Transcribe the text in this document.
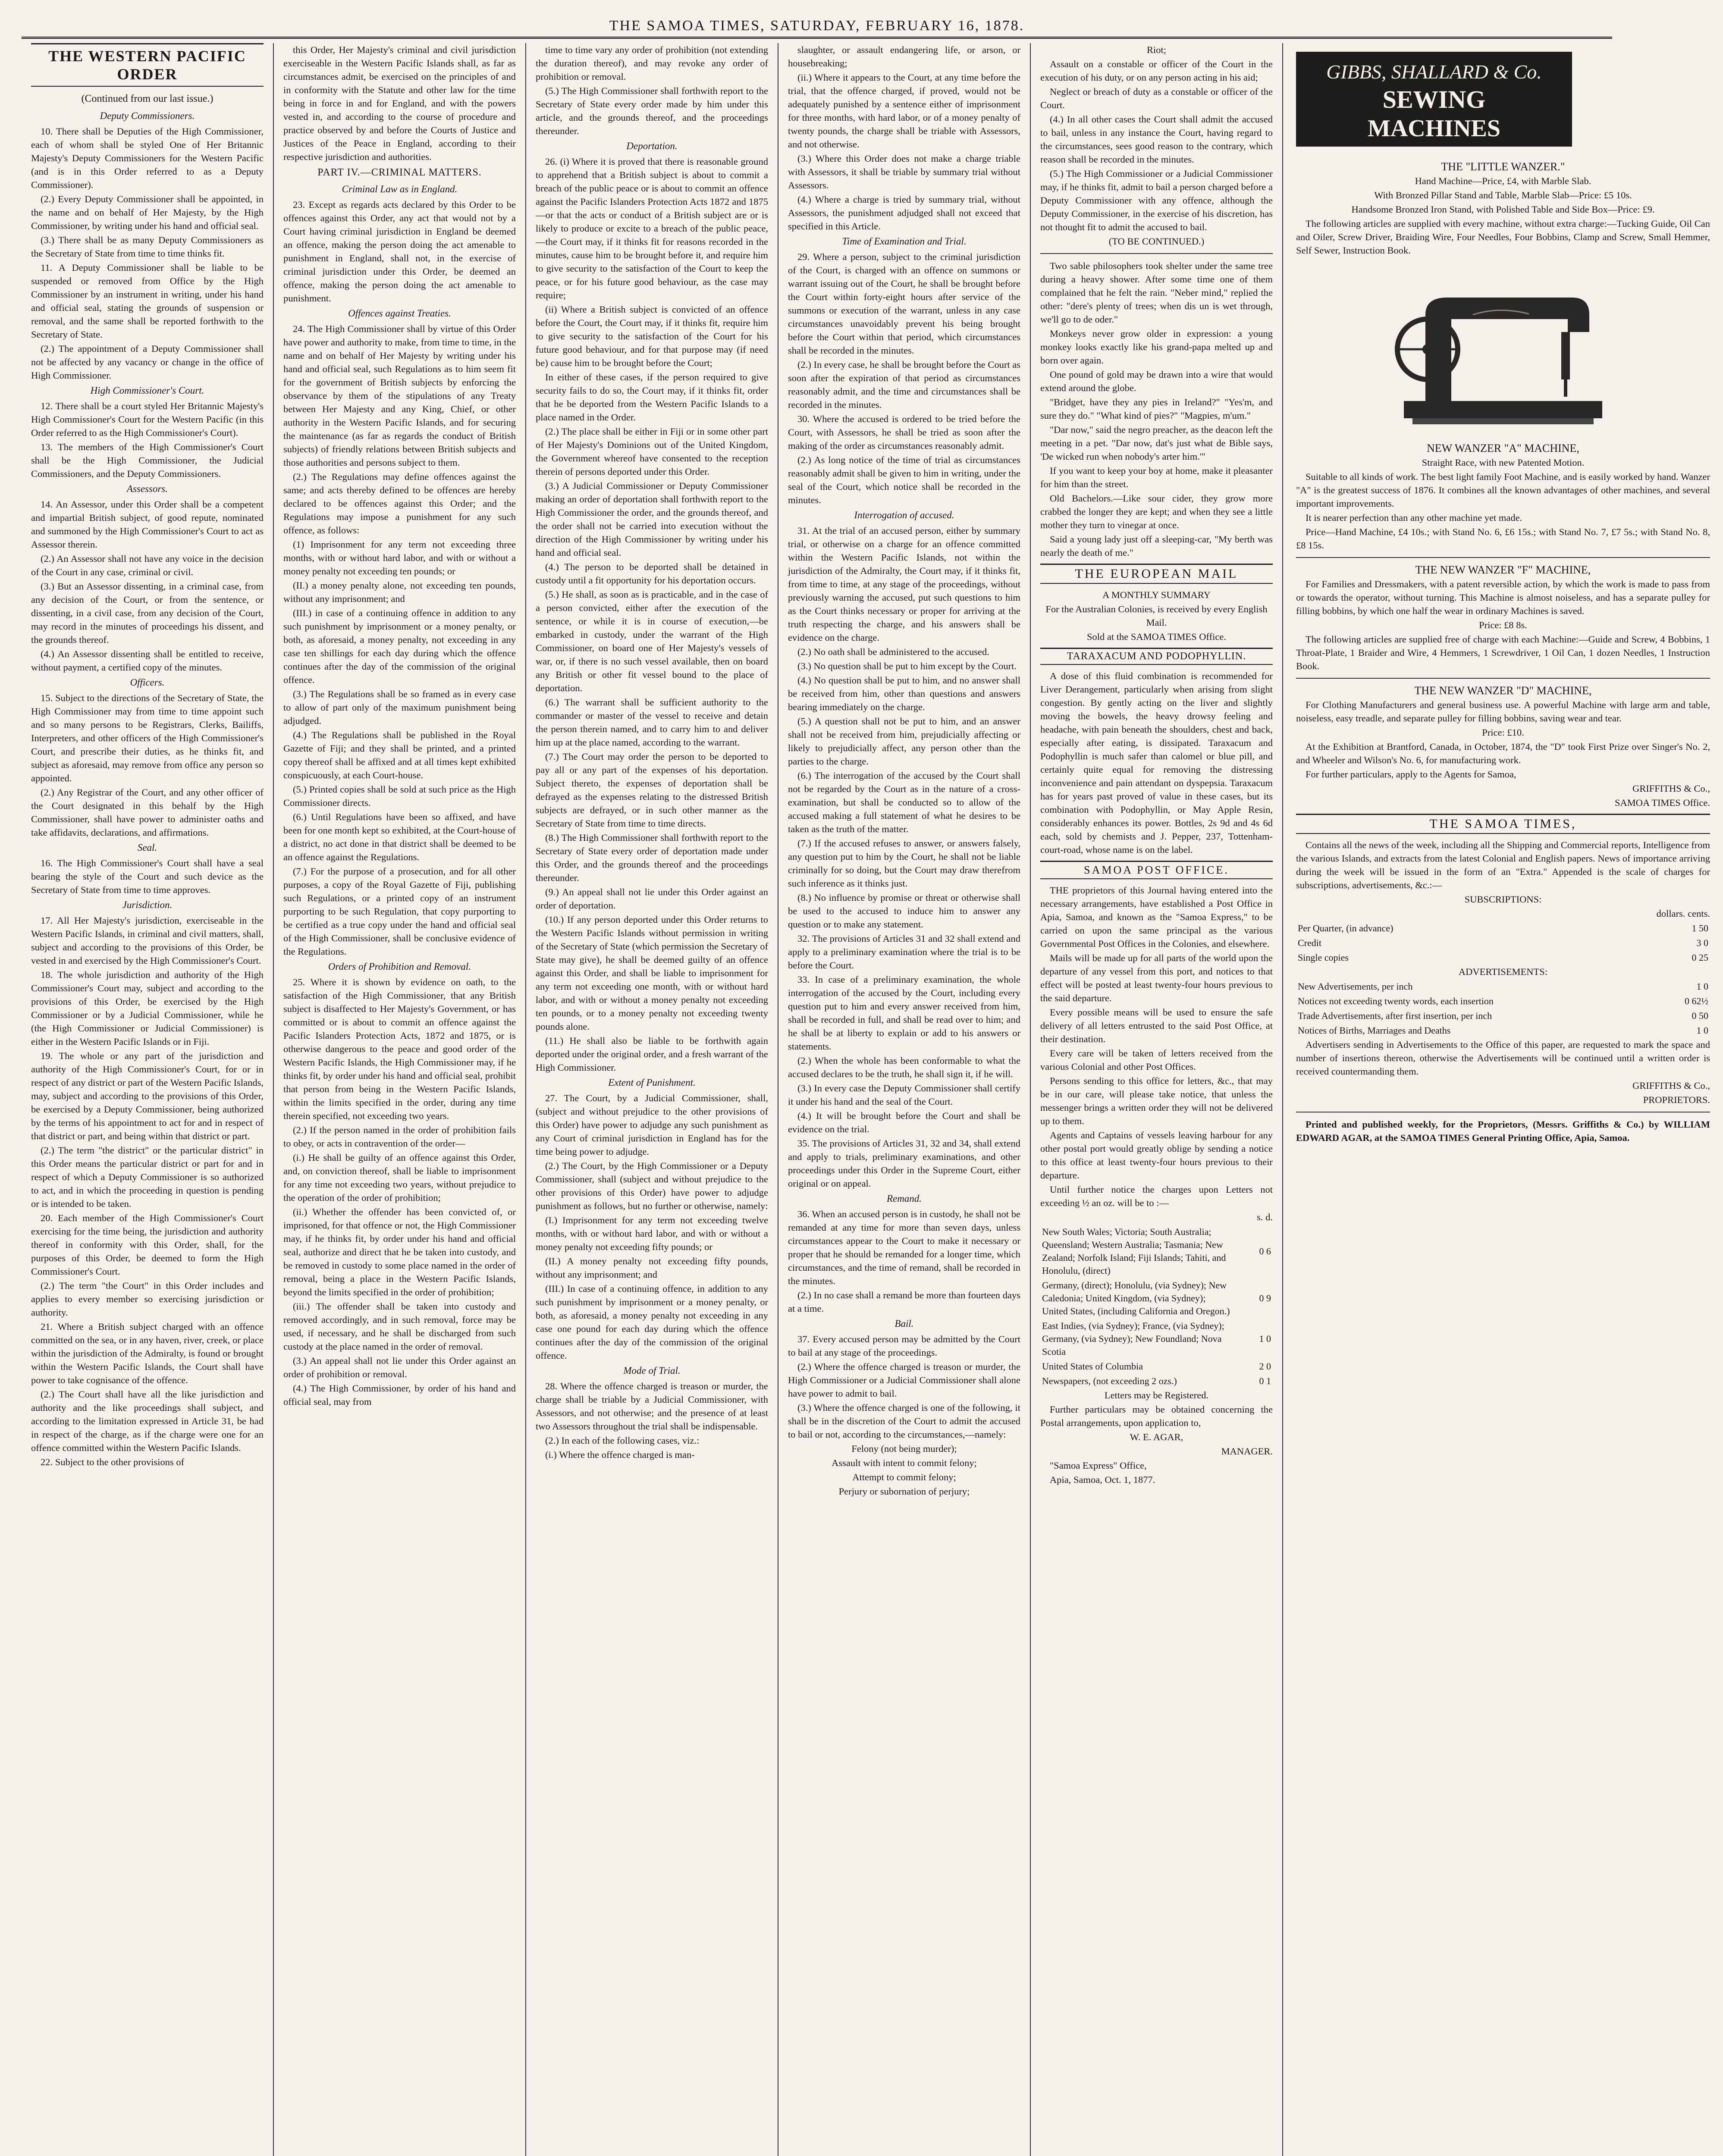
THE SAMOA TIMES, SATURDAY, FEBRUARY 16, 1878.
THE WESTERN PACIFIC ORDER

(Continued from our last issue.)

Deputy Commissioners.

10. There shall be Deputies of the High Commissioner, each of whom shall be styled One of Her Britannic Majesty's Deputy Commissioners for the Western Pacific (and is in this Order referred to as a Deputy Commissioner).

(2.) Every Deputy Commissioner shall be appointed, in the name and on behalf of Her Majesty, by the High Commissioner, by writing under his hand and official seal.

(3.) There shall be as many Deputy Commissioners as the Secretary of State from time to time thinks fit.

11. A Deputy Commissioner shall be liable to be suspended or removed from Office by the High Commissioner by an instrument in writing, under his hand and official seal, stating the grounds of suspension or removal, and the same shall be reported forthwith to the Secretary of State.

(2.) The appointment of a Deputy Commissioner shall not be affected by any vacancy or change in the office of High Commissioner.

High Commissioner's Court.

12. There shall be a court styled Her Britannic Majesty's High Commissioner's Court for the Western Pacific (in this Order referred to as the High Commissioner's Court).

13. The members of the High Commissioner's Court shall be the High Commissioner, the Judicial Commissioners, and the Deputy Commissioners.

Assessors.

14. An Assessor, under this Order shall be a competent and impartial British subject, of good repute, nominated and summoned by the High Commissioner's Court to act as Assessor therein.

(2.) An Assessor shall not have any voice in the decision of the Court in any case, criminal or civil.

(3.) But an Assessor dissenting, in a criminal case, from any decision of the Court, or from the sentence, or dissenting, in a civil case, from any decision of the Court, may record in the minutes of proceedings his dissent, and the grounds thereof.

(4.) An Assessor dissenting shall be entitled to receive, without payment, a certified copy of the minutes.

Officers.

15. Subject to the directions of the Secretary of State, the High Commissioner may from time to time appoint such and so many persons to be Registrars, Clerks, Bailiffs, Interpreters, and other officers of the High Commissioner's Court, and prescribe their duties, as he thinks fit, and subject as aforesaid, may remove from office any person so appointed.

(2.) Any Registrar of the Court, and any other officer of the Court designated in this behalf by the High Commissioner, shall have power to administer oaths and take affidavits, declarations, and affirmations.

Seal.

16. The High Commissioner's Court shall have a seal bearing the style of the Court and such device as the Secretary of State from time to time approves.

Jurisdiction.

17. All Her Majesty's jurisdiction, exerciseable in the Western Pacific Islands, in criminal and civil matters, shall, subject and according to the provisions of this Order, be vested in and exercised by the High Commissioner's Court.

18. The whole jurisdiction and authority of the High Commissioner's Court may, subject and according to the provisions of this Order, be exercised by the High Commissioner or by a Judicial Commissioner, while he (the High Commissioner or Judicial Commissioner) is either in the Western Pacific Islands or in Fiji.

19. The whole or any part of the jurisdiction and authority of the High Commissioner's Court, for or in respect of any district or part of the Western Pacific Islands, may, subject and according to the provisions of this Order, be exercised by a Deputy Commissioner, being authorized by the terms of his appointment to act for and in respect of that district or part, and being within that district or part.

(2.) The term "the district" or the particular district" in this Order means the particular district or part for and in respect of which a Deputy Commissioner is so authorized to act, and in which the proceeding in question is pending or is intended to be taken.

20. Each member of the High Commissioner's Court exercising for the time being, the jurisdiction and authority thereof in conformity with this Order, shall, for the purposes of this Order, be deemed to form the High Commissioner's Court.

(2.) The term "the Court" in this Order includes and applies to every member so exercising jurisdiction or authority.

21. Where a British subject charged with an offence committed on the sea, or in any haven, river, creek, or place within the jurisdiction of the Admiralty, is found or brought within the Western Pacific Islands, the Court shall have power to take cognisance of the offence.

(2.) The Court shall have all the like jurisdiction and authority and the like proceedings shall subject, and according to the limitation expressed in Article 31, be had in respect of the charge, as if the charge were one for an offence committed within the Western Pacific Islands.

22. Subject to the other provisions of

this Order, Her Majesty's criminal and civil jurisdiction exerciseable in the Western Pacific Islands shall, as far as circumstances admit, be exercised on the principles of and in conformity with the Statute and other law for the time being in force in and for England, and with the powers vested in, and according to the course of procedure and practice observed by and before the Courts of Justice and Justices of the Peace in England, according to their respective jurisdiction and authorities.

PART IV.—CRIMINAL MATTERS.

Criminal Law as in England.

23. Except as regards acts declared by this Order to be offences against this Order, any act that would not by a Court having criminal jurisdiction in England be deemed an offence, making the person doing the act amenable to punishment in England, shall not, in the exercise of criminal jurisdiction under this Order, be deemed an offence, making the person doing the act amenable to punishment.

Offences against Treaties.

24. The High Commissioner shall by virtue of this Order have power and authority to make, from time to time, in the name and on behalf of Her Majesty by writing under his hand and official seal, such Regulations as to him seem fit for the government of British subjects by enforcing the observance by them of the stipulations of any Treaty between Her Majesty and any King, Chief, or other authority in the Western Pacific Islands, and for securing the maintenance (as far as regards the conduct of British subjects) of friendly relations between British subjects and those authorities and persons subject to them.

(2.) The Regulations may define offences against the same; and acts thereby defined to be offences are hereby declared to be offences against this Order; and the Regulations may impose a punishment for any such offence, as follows:

(1) Imprisonment for any term not exceeding three months, with or without hard labor, and with or without a money penalty not exceeding ten pounds; or

(II.) a money penalty alone, not exceeding ten pounds, without any imprisonment; and

(III.) in case of a continuing offence in addition to any such punishment by imprisonment or a money penalty, or both, as aforesaid, a money penalty, not exceeding in any case ten shillings for each day during which the offence continues after the day of the commission of the original offence.

(3.) The Regulations shall be so framed as in every case to allow of part only of the maximum punishment being adjudged.

(4.) The Regulations shall be published in the Royal Gazette of Fiji; and they shall be printed, and a printed copy thereof shall be affixed and at all times kept exhibited conspicuously, at each Court-house.

(5.) Printed copies shall be sold at such price as the High Commissioner directs.

(6.) Until Regulations have been so affixed, and have been for one month kept so exhibited, at the Court-house of a district, no act done in that district shall be deemed to be an offence against the Regulations.

(7.) For the purpose of a prosecution, and for all other purposes, a copy of the Royal Gazette of Fiji, publishing such Regulations, or a printed copy of an instrument purporting to be such Regulation, that copy purporting to be certified as a true copy under the hand and official seal of the High Commissioner, shall be conclusive evidence of the Regulations.

Orders of Prohibition and Removal.

25. Where it is shown by evidence on oath, to the satisfaction of the High Commissioner, that any British subject is disaffected to Her Majesty's Government, or has committed or is about to commit an offence against the Pacific Islanders Protection Acts, 1872 and 1875, or is otherwise dangerous to the peace and good order of the Western Pacific Islands, the High Commissioner may, if he thinks fit, by order under his hand and official seal, prohibit that person from being in the Western Pacific Islands, within the limits specified in the order, during any time therein specified, not exceeding two years.

(2.) If the person named in the order of prohibition fails to obey, or acts in contravention of the order—

(i.) He shall be guilty of an offence against this Order, and, on conviction thereof, shall be liable to imprisonment for any time not exceeding two years, without prejudice to the operation of the order of prohibition;

(ii.) Whether the offender has been convicted of, or imprisoned, for that offence or not, the High Commissioner may, if he thinks fit, by order under his hand and official seal, authorize and direct that he be taken into custody, and be removed in custody to some place named in the order of removal, being a place in the Western Pacific Islands, beyond the limits specified in the order of prohibition;

(iii.) The offender shall be taken into custody and removed accordingly, and in such removal, force may be used, if necessary, and he shall be discharged from such custody at the place named in the order of removal.

(3.) An appeal shall not lie under this Order against an order of prohibition or removal.

(4.) The High Commissioner, by order of his hand and official seal, may from

time to time vary any order of prohibition (not extending the duration thereof), and may revoke any order of prohibition or removal.

(5.) The High Commissioner shall forthwith report to the Secretary of State every order made by him under this article, and the grounds thereof, and the proceedings thereunder.

Deportation.

26. (i) Where it is proved that there is reasonable ground to apprehend that a British subject is about to commit a breach of the public peace or is about to commit an offence against the Pacific Islanders Protection Acts 1872 and 1875—or that the acts or conduct of a British subject are or is likely to produce or excite to a breach of the public peace,—the Court may, if it thinks fit for reasons recorded in the minutes, cause him to be brought before it, and require him to give security to the satisfaction of the Court to keep the peace, or for his future good behaviour, as the case may require;

(ii) Where a British subject is convicted of an offence before the Court, the Court may, if it thinks fit, require him to give security to the satisfaction of the Court for his future good behaviour, and for that purpose may (if need be) cause him to be brought before the Court;

In either of these cases, if the person required to give security fails to do so, the Court may, if it thinks fit, order that he be deported from the Western Pacific Islands to a place named in the Order.

(2.) The place shall be either in Fiji or in some other part of Her Majesty's Dominions out of the United Kingdom, the Government whereof have consented to the reception therein of persons deported under this Order.

(3.) A Judicial Commissioner or Deputy Commissioner making an order of deportation shall forthwith report to the High Commissioner the order, and the grounds thereof, and the order shall not be carried into execution without the direction of the High Commissioner by writing under his hand and official seal.

(4.) The person to be deported shall be detained in custody until a fit opportunity for his deportation occurs.

(5.) He shall, as soon as is practicable, and in the case of a person convicted, either after the execution of the sentence, or while it is in course of execution,—be embarked in custody, under the warrant of the High Commissioner, on board one of Her Majesty's vessels of war, or, if there is no such vessel available, then on board any British or other fit vessel bound to the place of deportation.

(6.) The warrant shall be sufficient authority to the commander or master of the vessel to receive and detain the person therein named, and to carry him to and deliver him up at the place named, according to the warrant.

(7.) The Court may order the person to be deported to pay all or any part of the expenses of his deportation. Subject thereto, the expenses of deportation shall be defrayed as the expenses relating to the distressed British subjects are defrayed, or in such other manner as the Secretary of State from time to time directs.

(8.) The High Commissioner shall forthwith report to the Secretary of State every order of deportation made under this Order, and the grounds thereof and the proceedings thereunder.

(9.) An appeal shall not lie under this Order against an order of deportation.

(10.) If any person deported under this Order returns to the Western Pacific Islands without permission in writing of the Secretary of State (which permission the Secretary of State may give), he shall be deemed guilty of an offence against this Order, and shall be liable to imprisonment for any term not exceeding one month, with or without hard labor, and with or without a money penalty not exceeding ten pounds, or to a money penalty not exceeding twenty pounds alone.

(11.) He shall also be liable to be forthwith again deported under the original order, and a fresh warrant of the High Commissioner.

Extent of Punishment.

27. The Court, by a Judicial Commissioner, shall, (subject and without prejudice to the other provisions of this Order) have power to adjudge any such punishment as any Court of criminal jurisdiction in England has for the time being power to adjudge.

(2.) The Court, by the High Commissioner or a Deputy Commissioner, shall (subject and without prejudice to the other provisions of this Order) have power to adjudge punishment as follows, but no further or otherwise, namely:

(I.) Imprisonment for any term not exceeding twelve months, with or without hard labor, and with or without a money penalty not exceeding fifty pounds; or

(II.) A money penalty not exceeding fifty pounds, without any imprisonment; and

(III.) In case of a continuing offence, in addition to any such punishment by imprisonment or a money penalty, or both, as aforesaid, a money penalty not exceeding in any case one pound for each day during which the offence continues after the day of the commission of the original offence.

Mode of Trial.

28. Where the offence charged is treason or murder, the charge shall be triable by a Judicial Commissioner, with Assessors, and not otherwise; and the presence of at least two Assessors throughout the trial shall be indispensable.

(2.) In each of the following cases, viz.:

(i.) Where the offence charged is man-

slaughter, or assault endangering life, or arson, or housebreaking;

(ii.) Where it appears to the Court, at any time before the trial, that the offence charged, if proved, would not be adequately punished by a sentence either of imprisonment for three months, with hard labor, or of a money penalty of twenty pounds, the charge shall be triable with Assessors, and not otherwise.

(3.) Where this Order does not make a charge triable with Assessors, it shall be triable by summary trial without Assessors.

(4.) Where a charge is tried by summary trial, without Assessors, the punishment adjudged shall not exceed that specified in this Article.

Time of Examination and Trial.

29. Where a person, subject to the criminal jurisdiction of the Court, is charged with an offence on summons or warrant issuing out of the Court, he shall be brought before the Court within forty-eight hours after service of the summons or execution of the warrant, unless in any case circumstances unavoidably prevent his being brought before the Court within that period, which circumstances shall be recorded in the minutes.

(2.) In every case, he shall be brought before the Court as soon after the expiration of that period as circumstances reasonably admit, and the time and circumstances shall be recorded in the minutes.

30. Where the accused is ordered to be tried before the Court, with Assessors, he shall be tried as soon after the making of the order as circumstances reasonably admit.

(2.) As long notice of the time of trial as circumstances reasonably admit shall be given to him in writing, under the seal of the Court, which notice shall be recorded in the minutes.

Interrogation of accused.

31. At the trial of an accused person, either by summary trial, or otherwise on a charge for an offence committed within the Western Pacific Islands, not within the jurisdiction of the Admiralty, the Court may, if it thinks fit, from time to time, at any stage of the proceedings, without previously warning the accused, put such questions to him as the Court thinks necessary or proper for arriving at the truth respecting the charge, and his answers shall be evidence on the charge.

(2.) No oath shall be administered to the accused.

(3.) No question shall be put to him except by the Court.

(4.) No question shall be put to him, and no answer shall be received from him, other than questions and answers bearing immediately on the charge.

(5.) A question shall not be put to him, and an answer shall not be received from him, prejudicially affecting or likely to prejudicially affect, any person other than the parties to the charge.

(6.) The interrogation of the accused by the Court shall not be regarded by the Court as in the nature of a cross-examination, but shall be conducted so to allow of the accused making a full statement of what he desires to be taken as the truth of the matter.

(7.) If the accused refuses to answer, or answers falsely, any question put to him by the Court, he shall not be liable criminally for so doing, but the Court may draw therefrom such inference as it thinks just.

(8.) No influence by promise or threat or otherwise shall be used to the accused to induce him to answer any question or to make any statement.

32. The provisions of Articles 31 and 32 shall extend and apply to a preliminary examination where the trial is to be before the Court.

33. In case of a preliminary examination, the whole interrogation of the accused by the Court, including every question put to him and every answer received from him, shall be recorded in full, and shall be read over to him; and he shall be at liberty to explain or add to his answers or statements.

(2.) When the whole has been conformable to what the accused declares to be the truth, he shall sign it, if he will.

(3.) In every case the Deputy Commissioner shall certify it under his hand and the seal of the Court.

(4.) It will be brought before the Court and shall be evidence on the trial.

35. The provisions of Articles 31, 32 and 34, shall extend and apply to trials, preliminary examinations, and other proceedings under this Order in the Supreme Court, either original or on appeal.

Remand.

36. When an accused person is in custody, he shall not be remanded at any time for more than seven days, unless circumstances appear to the Court to make it necessary or proper that he should be remanded for a longer time, which circumstances, and the time of remand, shall be recorded in the minutes.

(2.) In no case shall a remand be more than fourteen days at a time.

Bail.

37. Every accused person may be admitted by the Court to bail at any stage of the proceedings.

(2.) Where the offence charged is treason or murder, the High Commissioner or a Judicial Commissioner shall alone have power to admit to bail.

(3.) Where the offence charged is one of the following, it shall be in the discretion of the Court to admit the accused to bail or not, according to the circumstances,—namely:

Felony (not being murder);

Assault with intent to commit felony;

Attempt to commit felony;

Perjury or subornation of perjury;

Riot;

Assault on a constable or officer of the Court in the execution of his duty, or on any person acting in his aid;

Neglect or breach of duty as a constable or officer of the Court.

(4.) In all other cases the Court shall admit the accused to bail, unless in any instance the Court, having regard to the circumstances, sees good reason to the contrary, which reason shall be recorded in the minutes.

(5.) The High Commissioner or a Judicial Commissioner may, if he thinks fit, admit to bail a person charged before a Deputy Commissioner with any offence, although the Deputy Commissioner, in the exercise of his discretion, has not thought fit to admit the accused to bail.

(TO BE CONTINUED.)

Two sable philosophers took shelter under the same tree during a heavy shower. After some time one of them complained that he felt the rain. "Neber mind," replied the other: "dere's plenty of trees; when dis un is wet through, we'll go to de oder."

Monkeys never grow older in expression: a young monkey looks exactly like his grand-papa melted up and born over again.

One pound of gold may be drawn into a wire that would extend around the globe.

"Bridget, have they any pies in Ireland?" "Yes'm, and sure they do." "What kind of pies?" "Magpies, m'um."

"Dar now," said the negro preacher, as the deacon left the meeting in a pet. "Dar now, dat's just what de Bible says, 'De wicked run when nobody's arter him.'"

If you want to keep your boy at home, make it pleasanter for him than the street.

Old Bachelors.—Like sour cider, they grow more crabbed the longer they are kept; and when they see a little mother they turn to vinegar at once.

Said a young lady just off a sleeping-car, "My berth was nearly the death of me."

THE EUROPEAN MAIL

A MONTHLY SUMMARY

For the Australian Colonies, is received by every English Mail.

Sold at the SAMOA TIMES Office.

TARAXACUM AND PODOPHYLLIN.

A dose of this fluid combination is recommended for Liver Derangement, particularly when arising from slight congestion. By gently acting on the liver and slightly moving the bowels, the heavy drowsy feeling and headache, with pain beneath the shoulders, chest and back, especially after eating, is dissipated. Taraxacum and Podophyllin is much safer than calomel or blue pill, and certainly quite equal for removing the distressing inconvenience and pain attendant on dyspepsia. Taraxacum has for years past proved of value in these cases, but its combination with Podophyllin, or May Apple Resin, considerably enhances its power. Bottles, 2s 9d and 4s 6d each, sold by chemists and J. Pepper, 237, Tottenham-court-road, whose name is on the label.

SAMOA POST OFFICE.

THE proprietors of this Journal having entered into the necessary arrangements, have established a Post Office in Apia, Samoa, and known as the "Samoa Express," to be carried on upon the same principal as the various Governmental Post Offices in the Colonies, and elsewhere.

Mails will be made up for all parts of the world upon the departure of any vessel from this port, and notices to that effect will be posted at least twenty-four hours previous to the said departure.

Every possible means will be used to ensure the safe delivery of all letters entrusted to the said Post Office, at their destination.

Every care will be taken of letters received from the various Colonial and other Post Offices.

Persons sending to this office for letters, &c., that may be in our care, will please take notice, that unless the messenger brings a written order they will not be delivered up to them.

Agents and Captains of vessels leaving harbour for any other postal port would greatly oblige by sending a notice to this office at least twenty-four hours previous to their departure.

Until further notice the charges upon Letters not exceeding ½ an oz. will be to :—

s. d.

New South Wales; Victoria; South Australia; Queensland; Western Australia; Tasmania; New Zealand; Norfolk Island; Fiji Islands; Tahiti, and Honolulu, (direct)	0 6
Germany, (direct); Honolulu, (via Sydney); New Caledonia; United Kingdom, (via Sydney); United States, (including California and Oregon.)	0 9
East Indies, (via Sydney); France, (via Sydney); Germany, (via Sydney); New Foundland; Nova Scotia	1 0
United States of Columbia	2 0
Newspapers, (not exceeding 2 ozs.)	0 1

Letters may be Registered.

Further particulars may be obtained concerning the Postal arrangements, upon application to,

W. E. AGAR,

MANAGER.

"Samoa Express" Office,

Apia, Samoa, Oct. 1, 1877.

GIBBS, SHALLARD & Co.
SEWING
MACHINES

THE "LITTLE WANZER."

Hand Machine—Price, £4, with Marble Slab.

With Bronzed Pillar Stand and Table, Marble Slab—Price: £5 10s.

Handsome Bronzed Iron Stand, with Polished Table and Side Box—Price: £9.

The following articles are supplied with every machine, without extra charge:—Tucking Guide, Oil Can and Oiler, Screw Driver, Braiding Wire, Four Needles, Four Bobbins, Clamp and Screw, Small Hemmer, Self Sewer, Instruction Book.

NEW WANZER "A" MACHINE,

Straight Race, with new Patented Motion.

Suitable to all kinds of work. The best light family Foot Machine, and is easily worked by hand. Wanzer "A" is the greatest success of 1876. It combines all the known advantages of other machines, and several important improvements.

It is nearer perfection than any other machine yet made.

Price—Hand Machine, £4 10s.; with Stand No. 6, £6 15s.; with Stand No. 7, £7 5s.; with Stand No. 8, £8 15s.

THE NEW WANZER "F" MACHINE,

For Families and Dressmakers, with a patent reversible action, by which the work is made to pass from or towards the operator, without turning. This Machine is almost noiseless, and has a separate pulley for filling bobbins, by which one half the wear in ordinary Machines is saved.

Price: £8 8s.

The following articles are supplied free of charge with each Machine:—Guide and Screw, 4 Bobbins, 1 Throat-Plate, 1 Braider and Wire, 4 Hemmers, 1 Screwdriver, 1 Oil Can, 1 dozen Needles, 1 Instruction Book.

THE NEW WANZER "D" MACHINE,

For Clothing Manufacturers and general business use. A powerful Machine with large arm and table, noiseless, easy treadle, and separate pulley for filling bobbins, saving wear and tear.

Price: £10.

At the Exhibition at Brantford, Canada, in October, 1874, the "D" took First Prize over Singer's No. 2, and Wheeler and Wilson's No. 6, for manufacturing work.

For further particulars, apply to the Agents for Samoa,

GRIFFITHS & Co.,

SAMOA TIMES Office.

THE SAMOA TIMES,

Contains all the news of the week, including all the Shipping and Commercial reports, Intelligence from the various Islands, and extracts from the latest Colonial and English papers. News of importance arriving during the week will be issued in the form of an "Extra." Appended is the scale of charges for subscriptions, advertisements, &c.:—

SUBSCRIPTIONS:

dollars. cents.

Per Quarter, (in advance)	1 50
Credit	3 0
Single copies	0 25

ADVERTISEMENTS:

New Advertisements, per inch	1 0
Notices not exceeding twenty words, each insertion	0 62½
Trade Advertisements, after first insertion, per inch	0 50
Notices of Births, Marriages and Deaths	1 0

Advertisers sending in Advertisements to the Office of this paper, are requested to mark the space and number of insertions thereon, otherwise the Advertisements will be continued until a written order is received countermanding them.

GRIFFITHS & Co.,

PROPRIETORS.

Printed and published weekly, for the Proprietors, (Messrs. Griffiths & Co.) by WILLIAM EDWARD AGAR, at the SAMOA TIMES General Printing Office, Apia, Samoa.
